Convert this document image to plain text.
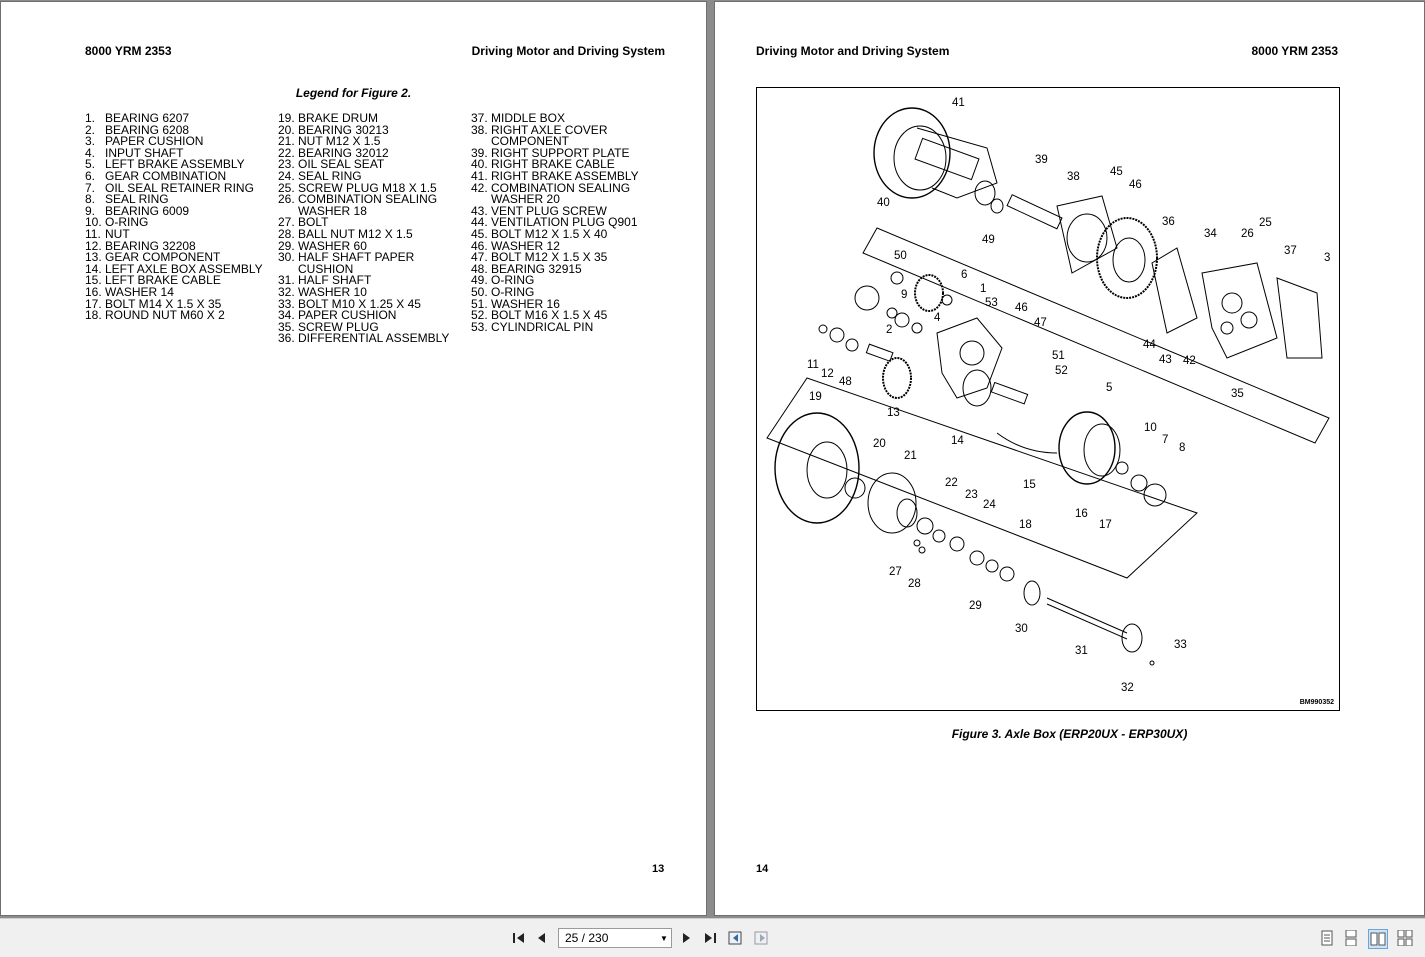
8000 YRM 2353	Driving Motor and Driving System
Legend for Figure 2.
1. BEARING 6207
2. BEARING 6208
3. PAPER CUSHION
4. INPUT SHAFT
5. LEFT BRAKE ASSEMBLY
6. GEAR COMBINATION
7. OIL SEAL RETAINER RING
8. SEAL RING
9. BEARING 6009
10. O-RING
11. NUT
12. BEARING 32208
13. GEAR COMPONENT
14. LEFT AXLE BOX ASSEMBLY
15. LEFT BRAKE CABLE
16. WASHER 14
17. BOLT M14 X 1.5 X 35
18. ROUND NUT M60 X 2
19. BRAKE DRUM
20. BEARING 30213
21. NUT M12 X 1.5
22. BEARING 32012
23. OIL SEAL SEAT
24. SEAL RING
25. SCREW PLUG M18 X 1.5
26. COMBINATION SEALING
WASHER 18
27. BOLT
28. BALL NUT M12 X 1.5
29. WASHER 60
30. HALF SHAFT PAPER
CUSHION
31. HALF SHAFT
32. WASHER 10
33. BOLT M10 X 1.25 X 45
34. PAPER CUSHION
35. SCREW PLUG
36. DIFFERENTIAL ASSEMBLY
37. MIDDLE BOX
38. RIGHT AXLE COVER
COMPONENT
39. RIGHT SUPPORT PLATE
40. RIGHT BRAKE CABLE
41. RIGHT BRAKE ASSEMBLY
42. COMBINATION SEALING
WASHER 20
43. VENT PLUG SCREW
44. VENTILATION PLUG Q901
45. BOLT M12 X 1.5 X 40
46. WASHER 12
47. BOLT M12 X 1.5 X 35
48. BEARING 32915
49. O-RING
50. O-RING
51. WASHER 16
52. BOLT M16 X 1.5 X 45
53. CYLINDRICAL PIN
13
Driving Motor and Driving System	8000 YRM 2353
41
39
38	45
46
40
49
36
34
25
26
37
3
50
6
9	1
53 46
47
4
2
11
12
48
51
52
5
13
14
44
43 42
35
19
20
21
10
7
8
22
23
24
15
16
17
18
27
28
29
30
31	33
32
BM990352
Figure 3. Axle Box (ERP20UX - ERP30UX)
14
25 / 230	▼
